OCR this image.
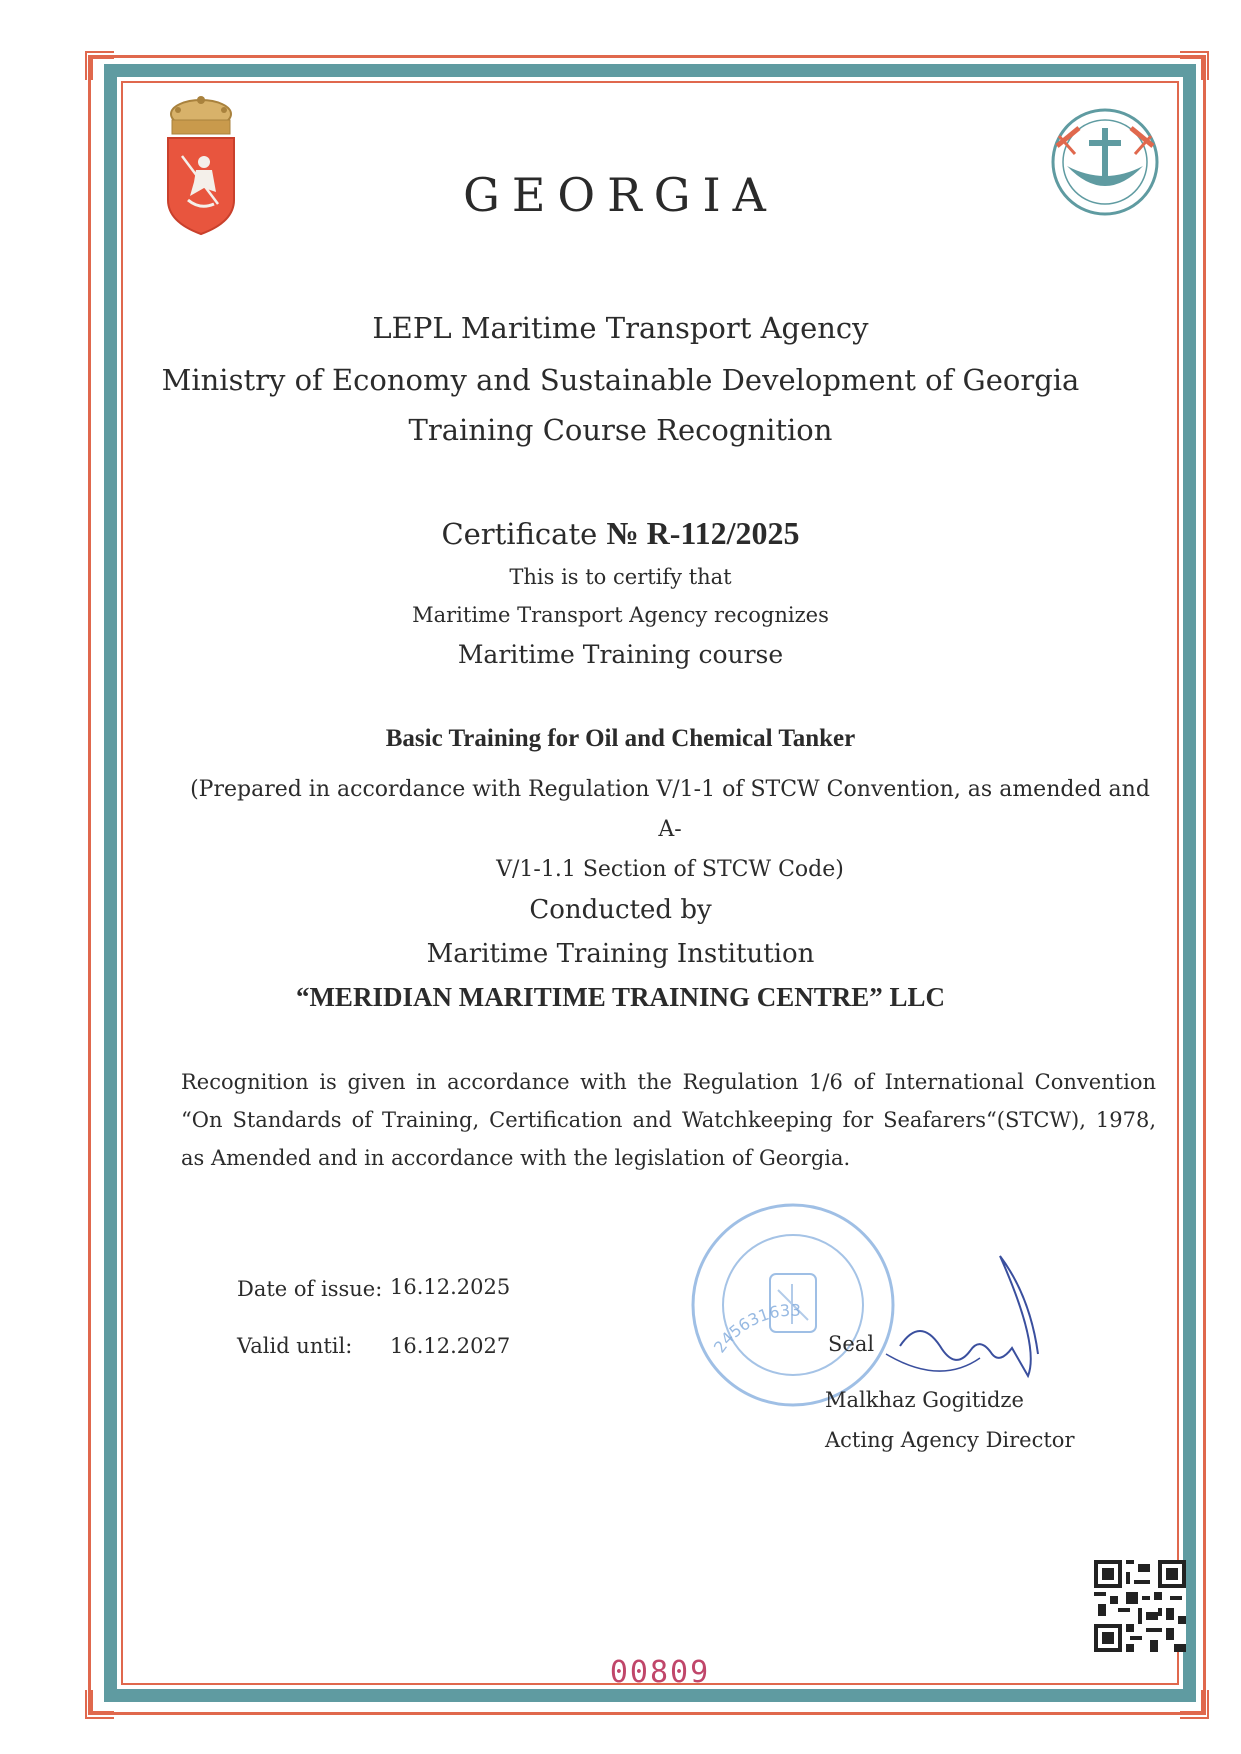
GEORGIA
LEPL Maritime Transport Agency
Ministry of Economy and Sustainable Development of Georgia
Training Course Recognition
Certificate № R-112/2025
This is to certify that
Maritime Transport Agency recognizes
Maritime Training course
Basic Training for Oil and Chemical Tanker
(Prepared in accordance with Regulation V/1-1 of STCW Convention, as amended and A-
V/1-1.1 Section of STCW Code)
Conducted by
Maritime Training Institution
“MERIDIAN MARITIME TRAINING CENTRE” LLC
Recognition is given in accordance with the Regulation 1/6 of International Convention “On Standards of Training, Certification and Watchkeeping for Seafarers“(STCW), 1978, as Amended and in accordance with the legislation of Georgia.
Date of issue: 16.12.2025
Valid until: 16.12.2027	245631633
Seal
Malkhaz Gogitidze
Acting Agency Director
00809
